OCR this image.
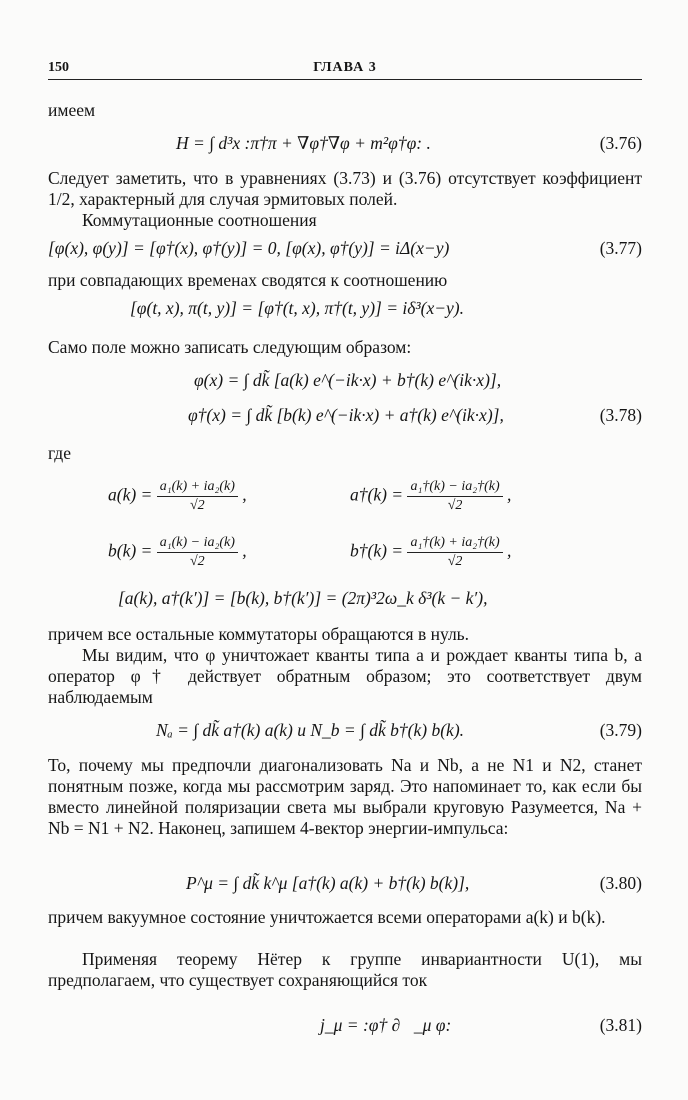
150	ГЛАВА 3
имеем
H = ∫ d³x :π†π + ∇φ†∇φ + m²φ†φ: .	(3.76)
Следует заметить, что в уравнениях (3.73) и (3.76) отсутствует коэффициент 1/2, характерный для случая эрмитовых полей.
Коммутационные соотношения
[φ(x), φ(y)] = [φ†(x), φ†(y)] = 0, [φ(x), φ†(y)] = iΔ(x−y)	(3.77)
при совпадающих временах сводятся к соотношению
[φ(t, x), π(t, y)] = [φ†(t, x), π†(t, y)] = iδ³(x−y).
Само поле можно записать следующим образом:
φ(x) = ∫ dk̃ [a(k) e^(−ik·x) + b†(k) e^(ik·x)],
φ†(x) = ∫ dk̃ [b(k) e^(−ik·x) + a†(k) e^(ik·x)],	(3.78)
где
$a(k) = \frac{\text{a₁(k) + ia₂(k)}}{√2}$ ,	a†(k) = $\frac{\text{a₁†(k) − ia₂†(k)}}{√2}$ ,
$b(k) = \frac{\text{a₁(k) − ia₂(k)}}{√2}$ ,	b†(k) = $\frac{\text{a₁†(k) + ia₂†(k)}}{√2}$ ,
[a(k), a†(k′)] = [b(k), b†(k′)] = (2π)³2ω_k δ³(k − k′),
причем все остальные коммутаторы обращаются в нуль.
Мы видим, что φ уничтожает кванты типа a и рождает кванты типа b, а оператор φ† действует обратным образом; это соответствует двум наблюдаемым
Nₐ = ∫ dk̃ a†(k) a(k) и N_b = ∫ dk̃ b†(k) b(k).	(3.79)
То, почему мы предпочли диагонализовать Na и Nb, а не N1 и N2, станет понятным позже, когда мы рассмотрим заряд. Это напоминает то, как если бы вместо линейной поляризации света мы выбрали круговую Разумеется, Na + Nb = N1 + N2. Наконец, запишем 4-вектор энергии-импульса:
P^μ = ∫ dk̃ k^μ [a†(k) a(k) + b†(k) b(k)],	(3.80)
причем вакуумное состояние уничтожается всеми операторами a(k) и b(k).
Применяя теорему Нётер к группе инвариантности U(1), мы предполагаем, что существует сохраняющийся ток
j_μ = :φ† ∂⃡_μ φ:	(3.81)
